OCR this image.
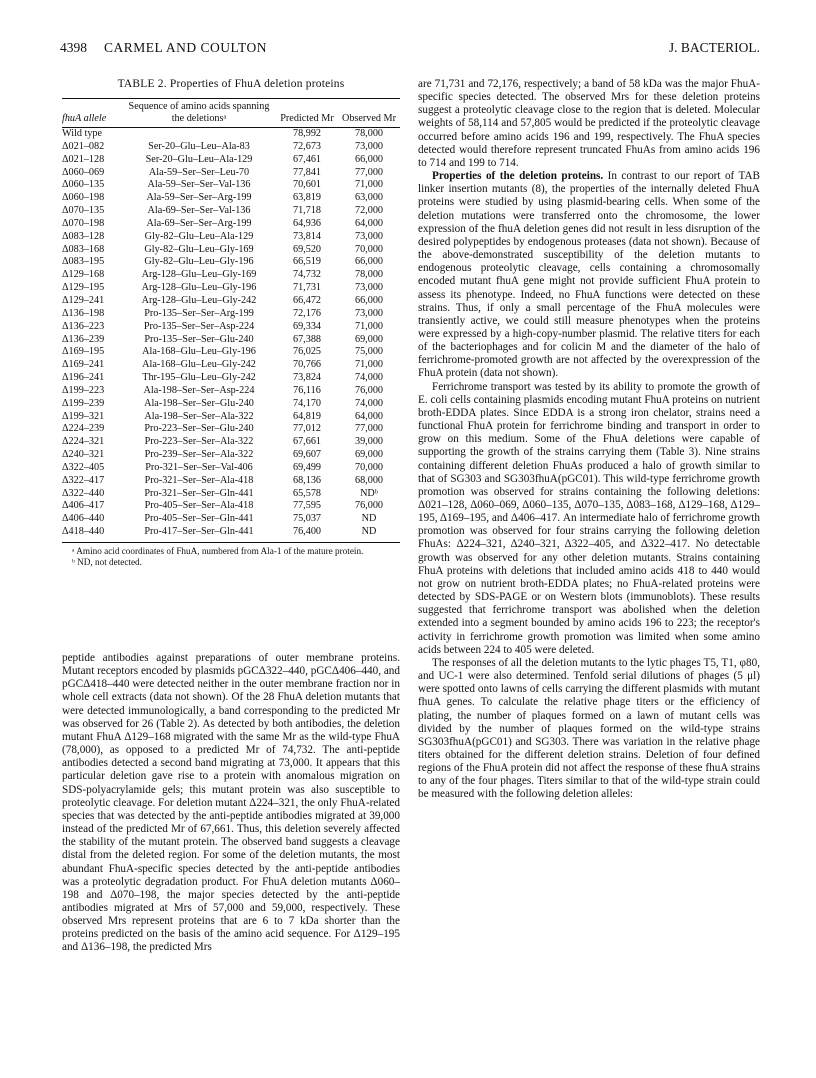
4398 CARMEL AND COULTON	J. BACTERIOL.
TABLE 2. Properties of FhuA deletion proteins
fhuA allele	Sequence of amino acids spanning the deletionsᵃ	Predicted Mr	Observed Mr
Wild type		78,992	78,000
Δ021–082	Ser-20–Glu–Leu–Ala-83	72,673	73,000
Δ021–128	Ser-20–Glu–Leu–Ala-129	67,461	66,000
Δ060–069	Ala-59–Ser–Ser–Leu-70	77,841	77,000
Δ060–135	Ala-59–Ser–Ser–Val-136	70,601	71,000
Δ060–198	Ala-59–Ser–Ser–Arg-199	63,819	63,000
Δ070–135	Ala-69–Ser–Ser–Val-136	71,718	72,000
Δ070–198	Ala-69–Ser–Ser–Arg-199	64,936	64,000
Δ083–128	Gly-82–Glu–Leu–Ala-129	73,814	73,000
Δ083–168	Gly-82–Glu–Leu–Gly-169	69,520	70,000
Δ083–195	Gly-82–Glu–Leu–Gly-196	66,519	66,000
Δ129–168	Arg-128–Glu–Leu–Gly-169	74,732	78,000
Δ129–195	Arg-128–Glu–Leu–Gly-196	71,731	73,000
Δ129–241	Arg-128–Glu–Leu–Gly-242	66,472	66,000
Δ136–198	Pro-135–Ser–Ser–Arg-199	72,176	73,000
Δ136–223	Pro-135–Ser–Ser–Asp-224	69,334	71,000
Δ136–239	Pro-135–Ser–Ser–Glu-240	67,388	69,000
Δ169–195	Ala-168–Glu–Leu–Gly-196	76,025	75,000
Δ169–241	Ala-168–Glu–Leu–Gly-242	70,766	71,000
Δ196–241	Thr-195–Glu–Leu–Gly-242	73,824	74,000
Δ199–223	Ala-198–Ser–Ser–Asp-224	76,116	76,000
Δ199–239	Ala-198–Ser–Ser–Glu-240	74,170	74,000
Δ199–321	Ala-198–Ser–Ser–Ala-322	64,819	64,000
Δ224–239	Pro-223–Ser–Ser–Glu-240	77,012	77,000
Δ224–321	Pro-223–Ser–Ser–Ala-322	67,661	39,000
Δ240–321	Pro-239–Ser–Ser–Ala-322	69,607	69,000
Δ322–405	Pro-321–Ser–Ser–Val-406	69,499	70,000
Δ322–417	Pro-321–Ser–Ser–Ala-418	68,136	68,000
Δ322–440	Pro-321–Ser–Ser–Gln-441	65,578	NDᵇ
Δ406–417	Pro-405–Ser–Ser–Ala-418	77,595	76,000
Δ406–440	Pro-405–Ser–Ser–Gln-441	75,037	ND
Δ418–440	Pro-417–Ser–Ser–Gln-441	76,400	ND

ᵃ Amino acid coordinates of FhuA, numbered from Ala-1 of the mature protein.

ᵇ ND, not detected.

peptide antibodies against preparations of outer membrane proteins. Mutant receptors encoded by plasmids pGCΔ322–440, pGCΔ406–440, and pGCΔ418–440 were detected neither in the outer membrane fraction nor in whole cell extracts (data not shown). Of the 28 FhuA deletion mutants that were detected immunologically, a band corresponding to the predicted Mr was observed for 26 (Table 2). As detected by both antibodies, the deletion mutant FhuA Δ129–168 migrated with the same Mr as the wild-type FhuA (78,000), as opposed to a predicted Mr of 74,732. The anti-peptide antibodies detected a second band migrating at 73,000. It appears that this particular deletion gave rise to a protein with anomalous migration on SDS-polyacrylamide gels; this mutant protein was also susceptible to proteolytic cleavage. For deletion mutant Δ224–321, the only FhuA-related species that was detected by the anti-peptide antibodies migrated at 39,000 instead of the predicted Mr of 67,661. Thus, this deletion severely affected the stability of the mutant protein. The observed band suggests a cleavage distal from the deleted region. For some of the deletion mutants, the most abundant FhuA-specific species detected by the anti-peptide antibodies was a proteolytic degradation product. For FhuA deletion mutants Δ060–198 and Δ070–198, the major species detected by the anti-peptide antibodies migrated at Mrs of 57,000 and 59,000, respectively. These observed Mrs represent proteins that are 6 to 7 kDa shorter than the proteins predicted on the basis of the amino acid sequence. For Δ129–195 and Δ136–198, the predicted Mrs

are 71,731 and 72,176, respectively; a band of 58 kDa was the major FhuA-specific species detected. The observed Mrs for these deletion proteins suggest a proteolytic cleavage close to the region that is deleted. Molecular weights of 58,114 and 57,805 would be predicted if the proteolytic cleavage occurred before amino acids 196 and 199, respectively. The FhuA species detected would therefore represent truncated FhuAs from amino acids 196 to 714 and 199 to 714.

Properties of the deletion proteins. In contrast to our report of TAB linker insertion mutants (8), the properties of the internally deleted FhuA proteins were studied by using plasmid-bearing cells. When some of the deletion mutations were transferred onto the chromosome, the lower expression of the fhuA deletion genes did not result in less disruption of the desired polypeptides by endogenous proteases (data not shown). Because of the above-demonstrated susceptibility of the deletion mutants to endogenous proteolytic cleavage, cells containing a chromosomally encoded mutant fhuA gene might not provide sufficient FhuA protein to assess its phenotype. Indeed, no FhuA functions were detected on these strains. Thus, if only a small percentage of the FhuA molecules were transiently active, we could still measure phenotypes when the proteins were expressed by a high-copy-number plasmid. The relative titers for each of the bacteriophages and for colicin M and the diameter of the halo of ferrichrome-promoted growth are not affected by the overexpression of the FhuA protein (data not shown).

Ferrichrome transport was tested by its ability to promote the growth of E. coli cells containing plasmids encoding mutant FhuA proteins on nutrient broth-EDDA plates. Since EDDA is a strong iron chelator, strains need a functional FhuA protein for ferrichrome binding and transport in order to grow on this medium. Some of the FhuA deletions were capable of supporting the growth of the strains carrying them (Table 3). Nine strains containing different deletion FhuAs produced a halo of growth similar to that of SG303 and SG303fhuA(pGC01). This wild-type ferrichrome growth promotion was observed for strains containing the following deletions: Δ021–128, Δ060–069, Δ060–135, Δ070–135, Δ083–168, Δ129–168, Δ129–195, Δ169–195, and Δ406–417. An intermediate halo of ferrichrome growth promotion was observed for four strains carrying the following deletion FhuAs: Δ224–321, Δ240–321, Δ322–405, and Δ322–417. No detectable growth was observed for any other deletion mutants. Strains containing FhuA proteins with deletions that included amino acids 418 to 440 would not grow on nutrient broth-EDDA plates; no FhuA-related proteins were detected by SDS-PAGE or on Western blots (immunoblots). These results suggested that ferrichrome transport was abolished when the deletion extended into a segment bounded by amino acids 196 to 223; the receptor's activity in ferrichrome growth promotion was limited when some amino acids between 224 to 405 were deleted.

The responses of all the deletion mutants to the lytic phages T5, T1, φ80, and UC-1 were also determined. Tenfold serial dilutions of phages (5 μl) were spotted onto lawns of cells carrying the different plasmids with mutant fhuA genes. To calculate the relative phage titers or the efficiency of plating, the number of plaques formed on a lawn of mutant cells was divided by the number of plaques formed on the wild-type strains SG303fhuA(pGC01) and SG303. There was variation in the relative phage titers obtained for the different deletion strains. Deletion of four defined regions of the FhuA protein did not affect the response of these fhuA strains to any of the four phages. Titers similar to that of the wild-type strain could be measured with the following deletion alleles:
